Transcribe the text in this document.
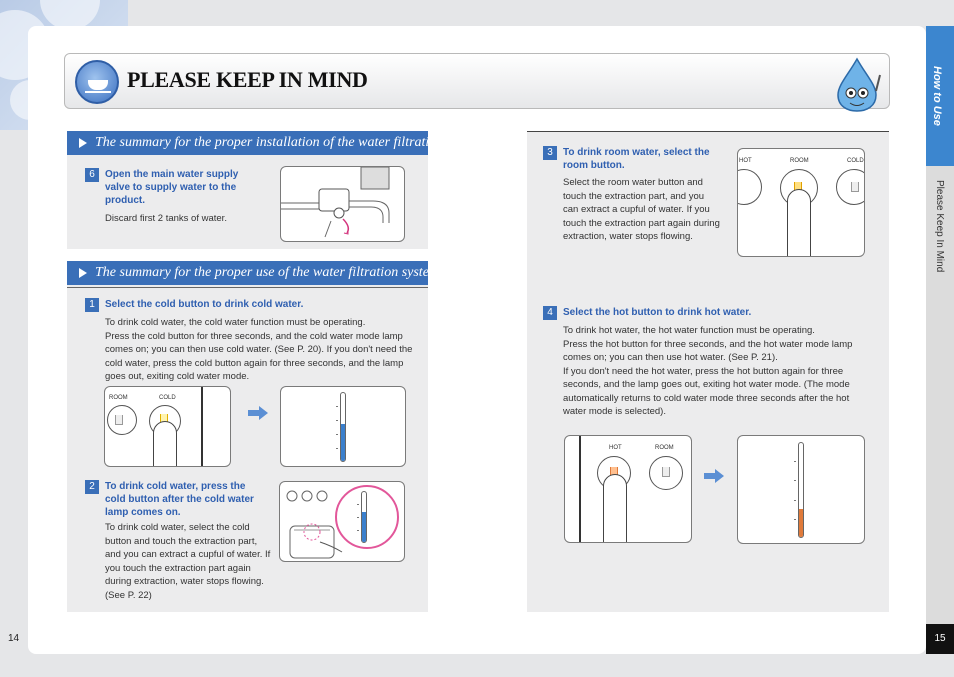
How to Use
Please Keep In Mind
14	15
PLEASE KEEP IN MIND
The summary for the proper installation of the water filtration system.
6	Open the main water supply valve to supply water to the product.
Discard first 2 tanks of water.
The summary for the proper use of the water filtration system.
1	Select the cold button to drink cold water.
To drink cold water, the cold water function must be operating.
Press the cold button for three seconds, and the cold water mode lamp comes on; you can then use cold water. (See P. 20). If you don't need the cold water, press the cold button again for three seconds, and the lamp goes out, exiting cold water mode.
ROOM	COLD
2	To drink cold water, press the cold button after the cold water lamp comes on.
To drink cold water, select the cold button and touch the extraction part, and you can extract a cupful of water. If you touch the extraction part again during extraction, water stops flowing.(See P. 22)
3	To drink room water, select the room button.
Select the room water button and touch the extraction part, and you can extract a cupful of water. If you touch the extraction part again during extraction, water stops flowing.
HOT	ROOM	COLD
4	Select the hot button to drink hot water.
To drink hot water, the hot water function must be operating.
Press the hot button for three seconds, and the hot water mode lamp comes on; you can then use hot water. (See P. 21).
If you don't need the hot water, press the hot button again for three seconds, and the lamp goes out, exiting hot water mode. (The mode automatically returns to cold water mode three seconds after the hot water mode is selected).
HOT	ROOM
